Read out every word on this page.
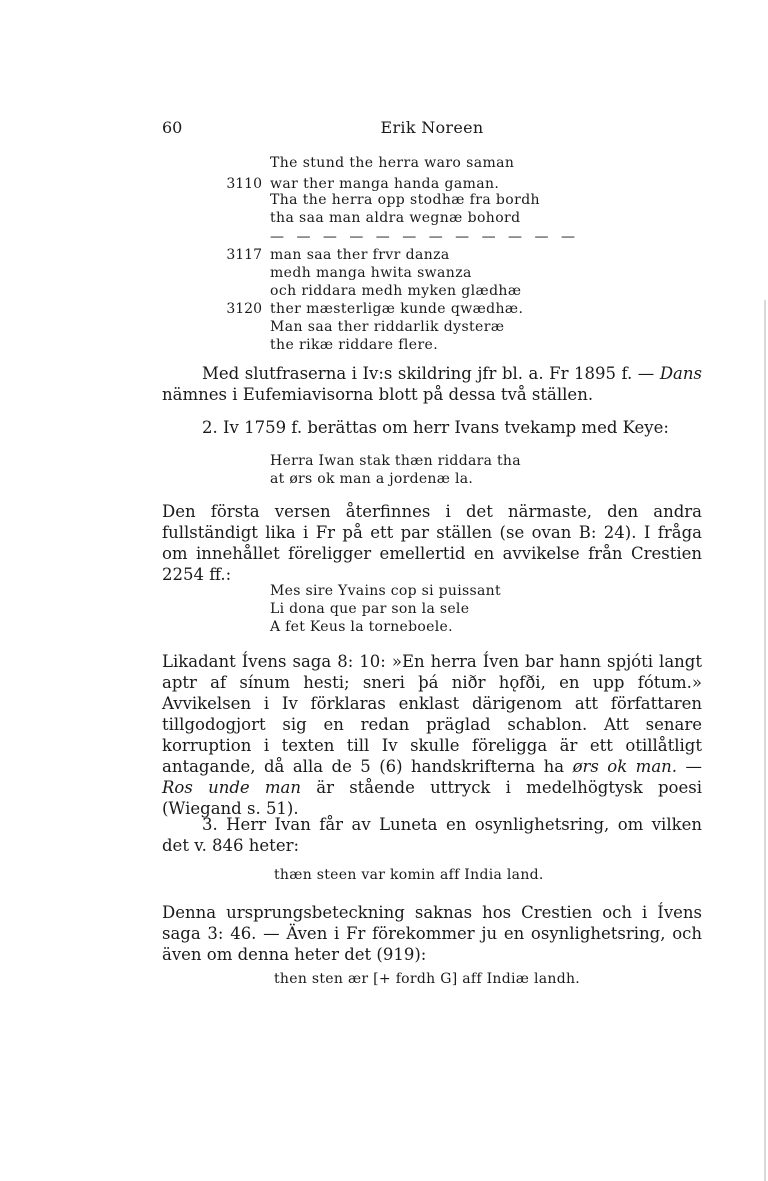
60	Erik Noreen
The stund the herra waro saman
3110 war ther manga handa gaman.
Tha the herra opp stodhæ fra bordh
tha saa man aldra wegnæ bohord
— — — — — — — — — — — —
3117 man saa ther frvr danza
medh manga hwita swanza
och riddara medh myken glædhæ
3120 ther mæsterligæ kunde qwædhæ.
Man saa ther riddarlik dysteræ
the rikæ riddare flere.

Med slutfraserna i Iv:s skildring jfr bl. a. Fr 1895 f. — Dans nämnes i Eufemiavisorna blott på dessa två ställen.

2. Iv 1759 f. berättas om herr Ivans tvekamp med Keye:

Herra Iwan stak thæn riddara tha
at ørs ok man a jordenæ la.

Den första versen återfinnes i det närmaste, den andra fullständigt lika i Fr på ett par ställen (se ovan B: 24). I fråga om innehållet föreligger emellertid en avvikelse från Crestien 2254 ff.:

Mes sire Yvains cop si puissant
Li dona que par son la sele
A fet Keus la torneboele.

Likadant Ívens saga 8: 10: »En herra Íven bar hann spjóti langt aptr af sínum hesti; sneri þá niðr hǫfði, en upp fótum.» Avvikelsen i Iv förklaras enklast därigenom att författaren tillgodogjort sig en redan präglad schablon. Att senare korruption i texten till Iv skulle föreligga är ett otillåtligt antagande, då alla de 5 (6) handskrifterna ha ørs ok man. — Ros unde man är stående uttryck i medelhögtysk poesi (Wiegand s. 51).

3. Herr Ivan får av Luneta en osynlighetsring, om vilken det v. 846 heter:

thæn steen var komin aff India land.

Denna ursprungsbeteckning saknas hos Crestien och i Ívens saga 3: 46. — Även i Fr förekommer ju en osynlighetsring, och även om denna heter det (919):

then sten ær [+ fordh G] aff Indiæ landh.
